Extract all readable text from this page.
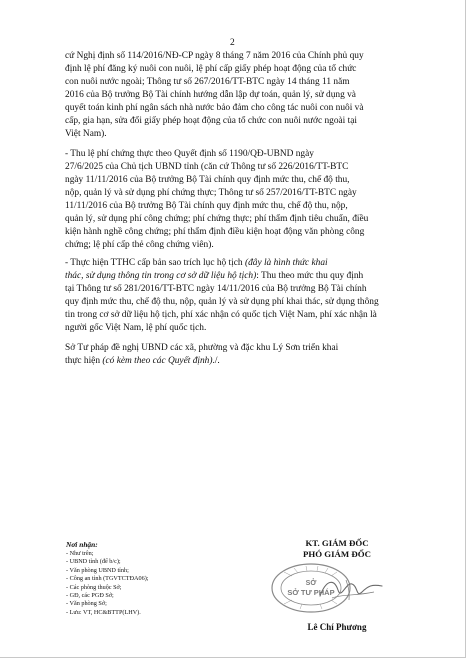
2
cứ Nghị định số 114/2016/NĐ-CP ngày 8 tháng 7 năm 2016 của Chính phủ quy
định lệ phí đăng ký nuôi con nuôi, lệ phí cấp giấy phép hoạt động của tổ chức
con nuôi nước ngoài; Thông tư số 267/2016/TT-BTC ngày 14 tháng 11 năm
2016 của Bộ trưởng Bộ Tài chính hướng dẫn lập dự toán, quản lý, sử dụng và
quyết toán kinh phí ngân sách nhà nước bảo đảm cho công tác nuôi con nuôi và
cấp, gia hạn, sửa đổi giấy phép hoạt động của tổ chức con nuôi nước ngoài tại
Việt Nam).
- Thu lệ phí chứng thực theo Quyết định số 1190/QĐ-UBND ngày
27/6/2025 của Chủ tịch UBND tỉnh (căn cứ Thông tư số 226/2016/TT-BTC
ngày 11/11/2016 của Bộ trưởng Bộ Tài chính quy định mức thu, chế độ thu,
nộp, quản lý và sử dụng phí chứng thực; Thông tư số 257/2016/TT-BTC ngày
11/11/2016 của Bộ trưởng Bộ Tài chính quy định mức thu, chế độ thu, nộp,
quản lý, sử dụng phí công chứng; phí chứng thực; phí thẩm định tiêu chuẩn, điều
kiện hành nghề công chứng; phí thẩm định điều kiện hoạt động văn phòng công
chứng; lệ phí cấp thẻ công chứng viên).
- Thực hiện TTHC cấp bản sao trích lục hộ tịch (đây là hình thức khai
thác, sử dụng thông tin trong cơ sở dữ liệu hộ tịch): Thu theo mức thu quy định
tại Thông tư số 281/2016/TT-BTC ngày 14/11/2016 của Bộ trưởng Bộ Tài chính
quy định mức thu, chế độ thu, nộp, quản lý và sử dụng phí khai thác, sử dụng thông
tin trong cơ sở dữ liệu hộ tịch, phí xác nhận có quốc tịch Việt Nam, phí xác nhận là
người gốc Việt Nam, lệ phí quốc tịch.
Sở Tư pháp đề nghị UBND các xã, phường và đặc khu Lý Sơn triển khai
thực hiện (có kèm theo các Quyết định)./.
Nơi nhận:
- Như trên;
- UBND tỉnh (để b/c);
- Văn phòng UBND tỉnh;
- Công an tỉnh (TGVTCTĐA06);
- Các phòng thuộc Sở;
- GĐ, các PGĐ Sở;
- Văn phòng Sở;
- Lưu: VT, HC&BTTP(LHV).
KT. GIÁM ĐỐC
PHÓ GIÁM ĐỐC
SỞ
SỞ TƯ PHÁP
Lê Chí Phương
